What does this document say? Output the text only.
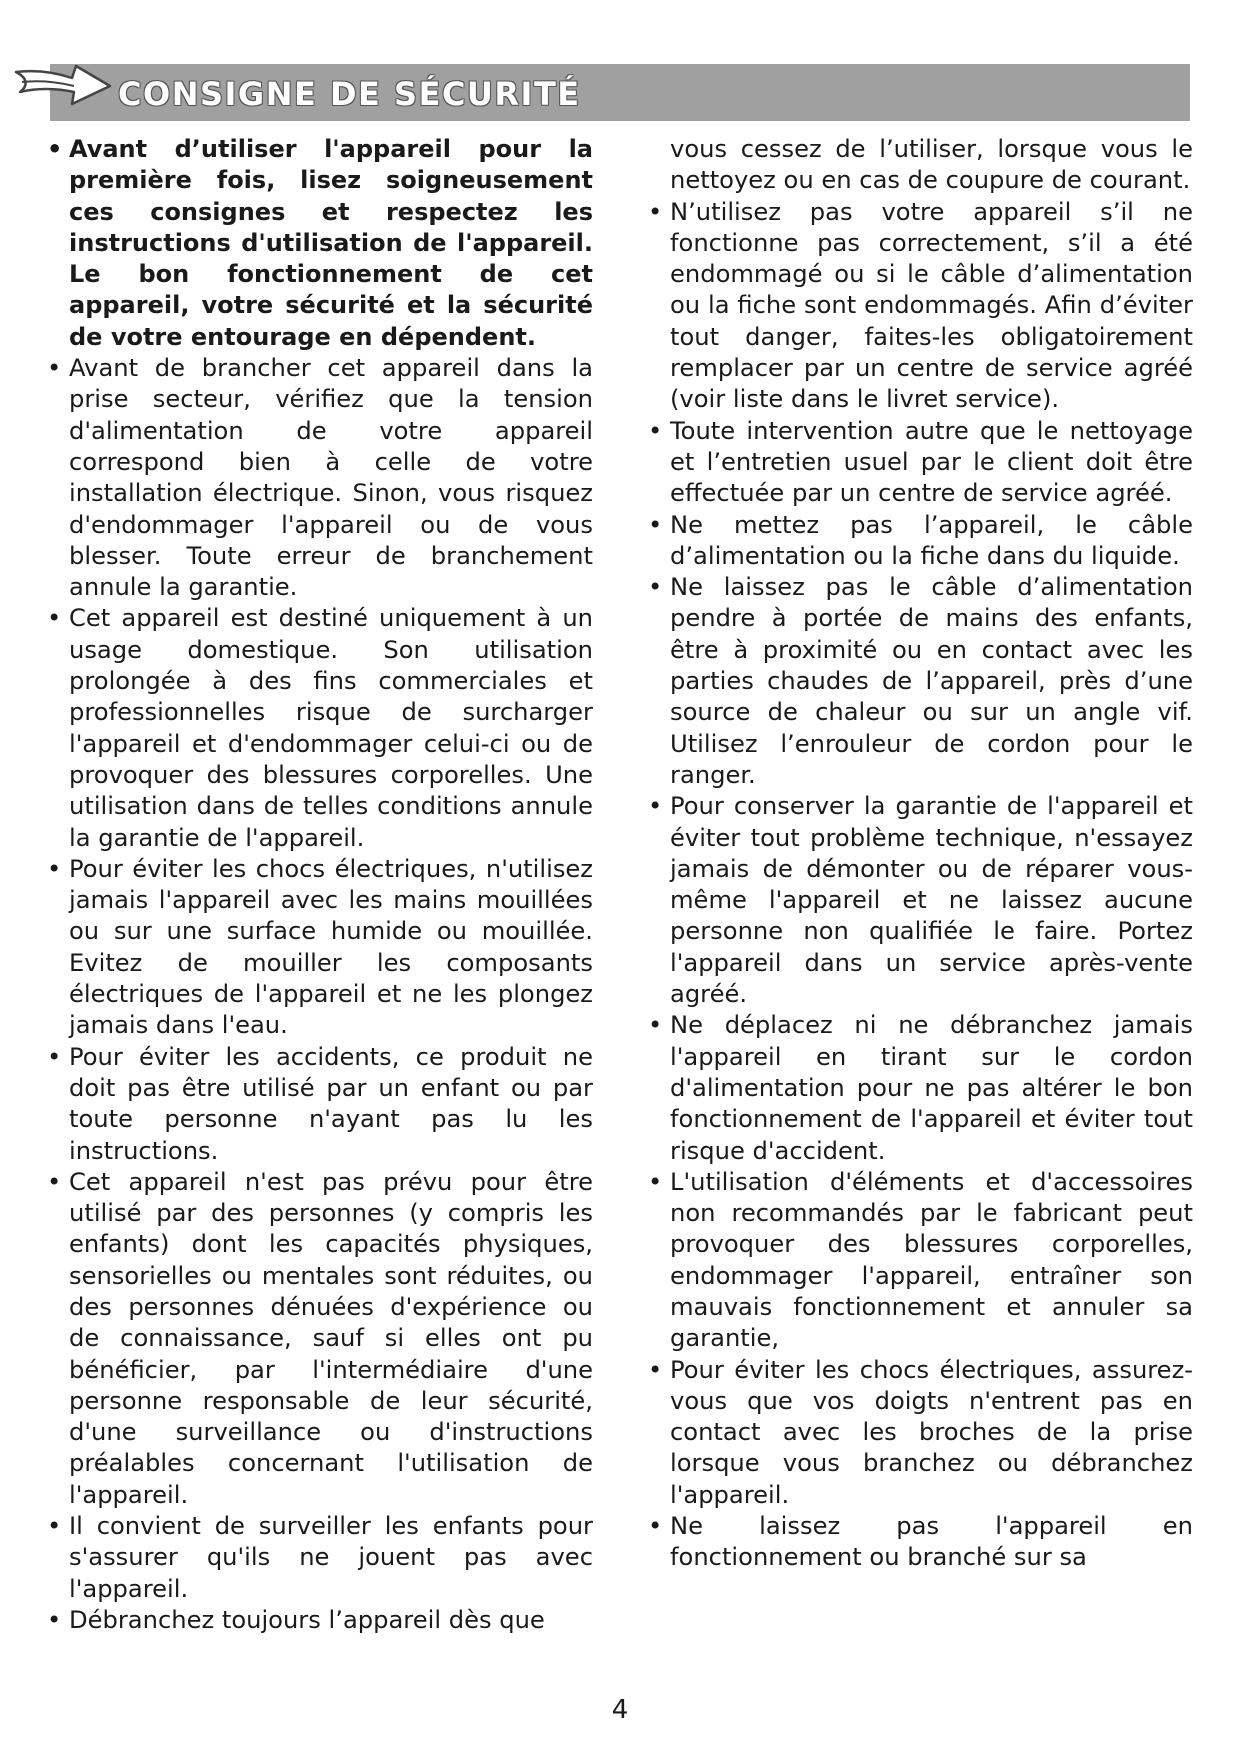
CONSIGNE DE SÉCURITÉ
• Avant d’utiliser l'appareil pour la première fois, lisez soigneusement ces consignes et respectez les instructions d'utilisation de l'appareil. Le bon fonctionnement de cet appareil, votre sécurité et la sécurité de votre entourage en dépendent.
• Avant de brancher cet appareil dans la prise secteur, vérifiez que la tension d'alimentation de votre appareil correspond bien à celle de votre installation électrique. Sinon, vous risquez d'endommager l'appareil ou de vous blesser. Toute erreur de branchement annule la garantie.
• Cet appareil est destiné uniquement à un usage domestique. Son utilisation prolongée à des fins commerciales et professionnelles risque de surcharger l'appareil et d'endommager celui-ci ou de provoquer des blessures corporelles. Une utilisation dans de telles conditions annule la garantie de l'appareil.
• Pour éviter les chocs électriques, n'utilisez jamais l'appareil avec les mains mouillées ou sur une surface humide ou mouillée. Evitez de mouiller les composants électriques de l'appareil et ne les plongez jamais dans l'eau.
• Pour éviter les accidents, ce produit ne doit pas être utilisé par un enfant ou par toute personne n'ayant pas lu les instructions.
• Cet appareil n'est pas prévu pour être utilisé par des personnes (y compris les enfants) dont les capacités physiques, sensorielles ou mentales sont réduites, ou des personnes dénuées d'expérience ou de connaissance, sauf si elles ont pu bénéficier, par l'intermédiaire d'une personne responsable de leur sécurité, d'une surveillance ou d'instructions préalables concernant l'utilisation de l'appareil.
• Il convient de surveiller les enfants pour s'assurer qu'ils ne jouent pas avec l'appareil.
• Débranchez toujours l’appareil dès que
vous cessez de l’utiliser, lorsque vous le nettoyez ou en cas de coupure de courant.
• N’utilisez pas votre appareil s’il ne fonctionne pas correctement, s’il a été endommagé ou si le câble d’alimentation ou la fiche sont endommagés. Afin d’éviter tout danger, faites-les obligatoirement remplacer par un centre de service agréé (voir liste dans le livret service).
• Toute intervention autre que le nettoyage et l’entretien usuel par le client doit être effectuée par un centre de service agréé.
• Ne mettez pas l’appareil, le câble d’alimentation ou la fiche dans du liquide.
• Ne laissez pas le câble d’alimentation pendre à portée de mains des enfants, être à proximité ou en contact avec les parties chaudes de l’appareil, près d’une source de chaleur ou sur un angle vif. Utilisez l’enrouleur de cordon pour le ranger.
• Pour conserver la garantie de l'appareil et éviter tout problème technique, n'essayez jamais de démonter ou de réparer vous-même l'appareil et ne laissez aucune personne non qualifiée le faire. Portez l'appareil dans un service après-vente agréé.
• Ne déplacez ni ne débranchez jamais l'appareil en tirant sur le cordon d'alimentation pour ne pas altérer le bon fonctionnement de l'appareil et éviter tout risque d'accident.
• L'utilisation d'éléments et d'accessoires non recommandés par le fabricant peut provoquer des blessures corporelles, endommager l'appareil, entraîner son mauvais fonctionnement et annuler sa garantie,
• Pour éviter les chocs électriques, assurez-vous que vos doigts n'entrent pas en contact avec les broches de la prise lorsque vous branchez ou débranchez l'appareil.
• Ne laissez pas l'appareil en fonctionnement ou branché sur sa
4
